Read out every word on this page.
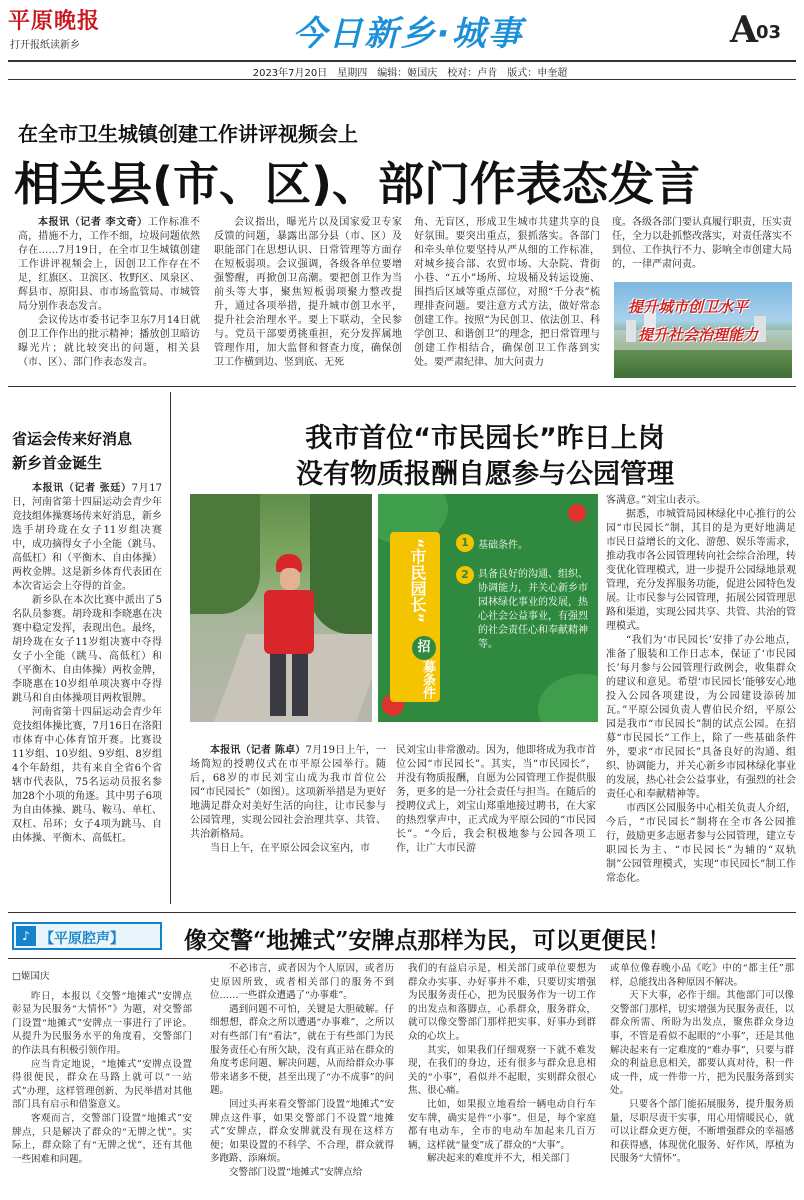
平原晚报
打开报纸读新乡	今日新乡·城事	A
03
2023年7月20日　星期四　编辑：姬国庆　校对：卢肯　版式：申奎超
在全市卫生城镇创建工作讲评视频会上
相关县(市、区)、部门作表态发言

本报讯（记者 李文奇）工作标准不高，措施不力，工作不细，垃圾问题依然存在……7月19日，在全市卫生城镇创建工作讲评视频会上，因创卫工作存在不足，红旗区、卫滨区、牧野区、凤泉区、辉县市、原阳县、市市场监管局、市城管局分别作表态发言。

会议传达市委书记李卫东7月14日就创卫工作作出的批示精神；播放创卫暗访曝光片；就比较突出的问题，相关县（市、区）、部门作表态发言。

会议指出，曝光片以及国家爱卫专家反馈的问题，暴露出部分县（市、区）及职能部门在思想认识、日常管理等方面存在短板弱项。会议强调，各级各单位要增强警醒，再掀创卫高潮。要把创卫作为当前头等大事，聚焦短板弱项聚力整改提升，通过各项举措，提升城市创卫水平，提升社会治理水平。要上下联动，全民参与。党员干部要勇挑重担，充分发挥属地管理作用，加大监督和督查力度，确保创卫工作横到边、竖到底、无死

角、无盲区，形成卫生城市共建共享的良好氛围。要突出重点，狠抓落实。各部门和牵头单位要坚持从严从细的工作标准，对城乡接合部、农贸市场、大杂院、背街小巷、“五小”场所、垃圾桶及转运设施、围挡后区域等重点部位，对照“千分表”梳理排查问题。要注意方式方法，做好常态创建工作。按照“为民创卫、依法创卫、科学创卫、和谐创卫”的理念，把日常管理与创建工作相结合，确保创卫工作落到实处。要严肃纪律、加大问责力

度。各级各部门要认真履行职责，压实责任，全力以赴抓整改落实，对责任落实不到位、工作执行不力、影响全市创建大局的，一律严肃问责。

提升城市创卫水平
提升社会治理能力
省运会传来好消息
新乡首金诞生

本报讯（记者 张廷）7月17日，河南省第十四届运动会青少年竞技组体操赛场传来好消息，新乡选手胡玲珑在女子11岁组决赛中，成功摘得女子小全能（跳马、高低杠）和（平衡木、自由体操）两枚金牌。这是新乡体育代表团在本次省运会上夺得的首金。

新乡队在本次比赛中派出了5名队员参赛。胡玲珑和李晓惠在决赛中稳定发挥，表现出色。最终，胡玲珑在女子11岁组决赛中夺得女子小全能（跳马、高低杠）和（平衡木、自由体操）两枚金牌，李晓惠在10岁组单项决赛中夺得跳马和自由体操项目两枚银牌。

河南省第十四届运动会青少年竞技组体操比赛，7月16日在洛阳市体育中心体育馆开赛。比赛设11岁组、10岁组、9岁组、8岁组4个年龄组，共有来自全省6个省辖市代表队，75名运动员报名参加28个小项的角逐。其中男子6项为自由体操、跳马、鞍马、单杠、双杠、吊环；女子4项为跳马、自由体操、平衡木、高低杠。

我市首位“市民园长”昨日上岗
没有物质报酬自愿参与公园管理
“市民园长”
招
募条件
1 基础条件。
2 具备良好的沟通、组织、协调能力，并关心新乡市园林绿化事业的发展，热心社会公益事业，有强烈的社会责任心和奉献精神等。

本报讯（记者 陈卓）7月19日上午，一场简短的授聘仪式在市平原公园举行。随后，68岁的市民刘宝山成为我市首位公园“市民园长”（如图）。这项新举措是为更好地满足群众对美好生活的向往，让市民参与公园管理，实现公园社会治理共享、共管、共治新格局。

当日上午，在平原公园会议室内，市

民刘宝山非常激动。因为，他即将成为我市首位公园“市民园长”。其实，当“市民园长”，并没有物质报酬，自愿为公园管理工作提供服务，更多的是一分社会责任与担当。在随后的授聘仪式上，刘宝山郑重地接过聘书，在大家的热烈掌声中，正式成为平原公园的“市民园长”。“今后，我会积极地参与公园各项工作，让广大市民游

客满意。”刘宝山表示。

据悉，市城管局园林绿化中心推行的公园“市民园长”制，其目的是为更好地满足市民日益增长的文化、游憩、娱乐等需求，推动我市各公园管理转向社会综合治理，转变优化管理模式，进一步提升公园绿地景观管理，充分发挥服务功能，促进公园特色发展。让市民参与公园管理，拓展公园管理思路和渠道，实现公园共享、共管、共治的管理模式。

“我们为‘市民园长’安排了办公地点，准备了服装和工作日志本，保证了‘市民园长’每月参与公园管理行政例会，收集群众的建议和意见。希望‘市民园长’能够安心地投入公园各项建设，为公园建设添砖加瓦。”平原公园负责人曹伯民介绍，平原公园是我市“市民园长”制的试点公园。在招募“市民园长”工作上，除了一些基础条件外，要求“市民园长”具备良好的沟通、组织、协调能力，并关心新乡市园林绿化事业的发展，热心社会公益事业，有强烈的社会责任心和奉献精神等。

市西区公园服务中心相关负责人介绍，今后，“市民园长”制将在全市各公园推行，鼓励更多志愿者参与公园管理，建立专职园长为主、“市民园长”为辅的“双轨制”公园管理模式，实现“市民园长”制工作常态化。

♪ 【平原腔声】	像交警“地摊式”安牌点那样为民，可以更便民！

□姬国庆

昨日，本报以《交警“地摊式”安牌点彰显为民服务“大情怀”》为题，对交警部门设置“地摊式”安牌点一事进行了评论。从提升为民服务水平的角度看，交警部门的作法具有积极引领作用。

应当肯定地说，“地摊式”安牌点设置得很便民，群众在马路上就可以“一站式”办理，这样管理创新、为民举措对其他部门具有启示和借鉴意义。

客观而言，交警部门设置“地摊式”安牌点，只是解决了群众的“无牌之忧”。实际上，群众除了有“无牌之忧”，还有其他一些困难和问题。

不必讳言，或者因为个人原因，或者历史原因所致，或者相关部门的服务不到位……一些群众遭遇了“办事难”。

遇到问题不可怕，关键是大胆破解。仔细想想，群众之所以遭遇“办事难”，之所以对有些部门有“看法”，就在于有些部门为民服务责任心有所欠缺，没有真正站在群众的角度考虑问题、解决问题，从而给群众办事带来诸多不便，甚至出现了“办不成事”的问题。

回过头再来看交警部门设置“地摊式”安牌点这件事，如果交警部门不设置“地摊式”安牌点，群众安牌就没有现在这样方便；如果设置的不科学、不合理，群众就得多跑路、添麻烦。

交警部门设置“地摊式”安牌点给

我们的有益启示是，相关部门或单位要想为群众办实事、办好事并不难，只要切实增强为民服务责任心，把为民服务作为一切工作的出发点和落脚点，心系群众，服务群众，就可以像交警部门那样把实事、好事办到群众的心坎上。

其实，如果我们仔细观察一下就不难发现，在我们的身边，还有很多与群众息息相关的“小事”，看似并不起眼，实则群众很心焦、很心痛。

比如，如果报立地看给一辆电动自行车安车牌，确实是件“小事”。但是，每个家庭都有电动车，全市的电动车加起来几百万辆，这样就“量变”成了群众的“大事”。

解决起来的难度并不大，相关部门

或单位像春晚小品《吃》中的“都主任”那样，总能找出各种原因不解决。

天下大事，必作于细。其他部门可以像交警部门那样，切实增强为民服务责任，以群众所需、所盼为出发点，聚焦群众身边事，不管是看似不起眼的“小事”，还是其他解决起来有一定难度的“难办事”，只要与群众的利益息息相关，都要认真对待，积一件成一件，成一件带一片，把为民服务落到实处。

只要各个部门能拓展服务，提升服务质量，尽职尽责干实事，用心用情暖民心，就可以让群众更方便，不断增强群众的幸福感和获得感，体现优化服务、好作风，厚植为民服务“大情怀”。
